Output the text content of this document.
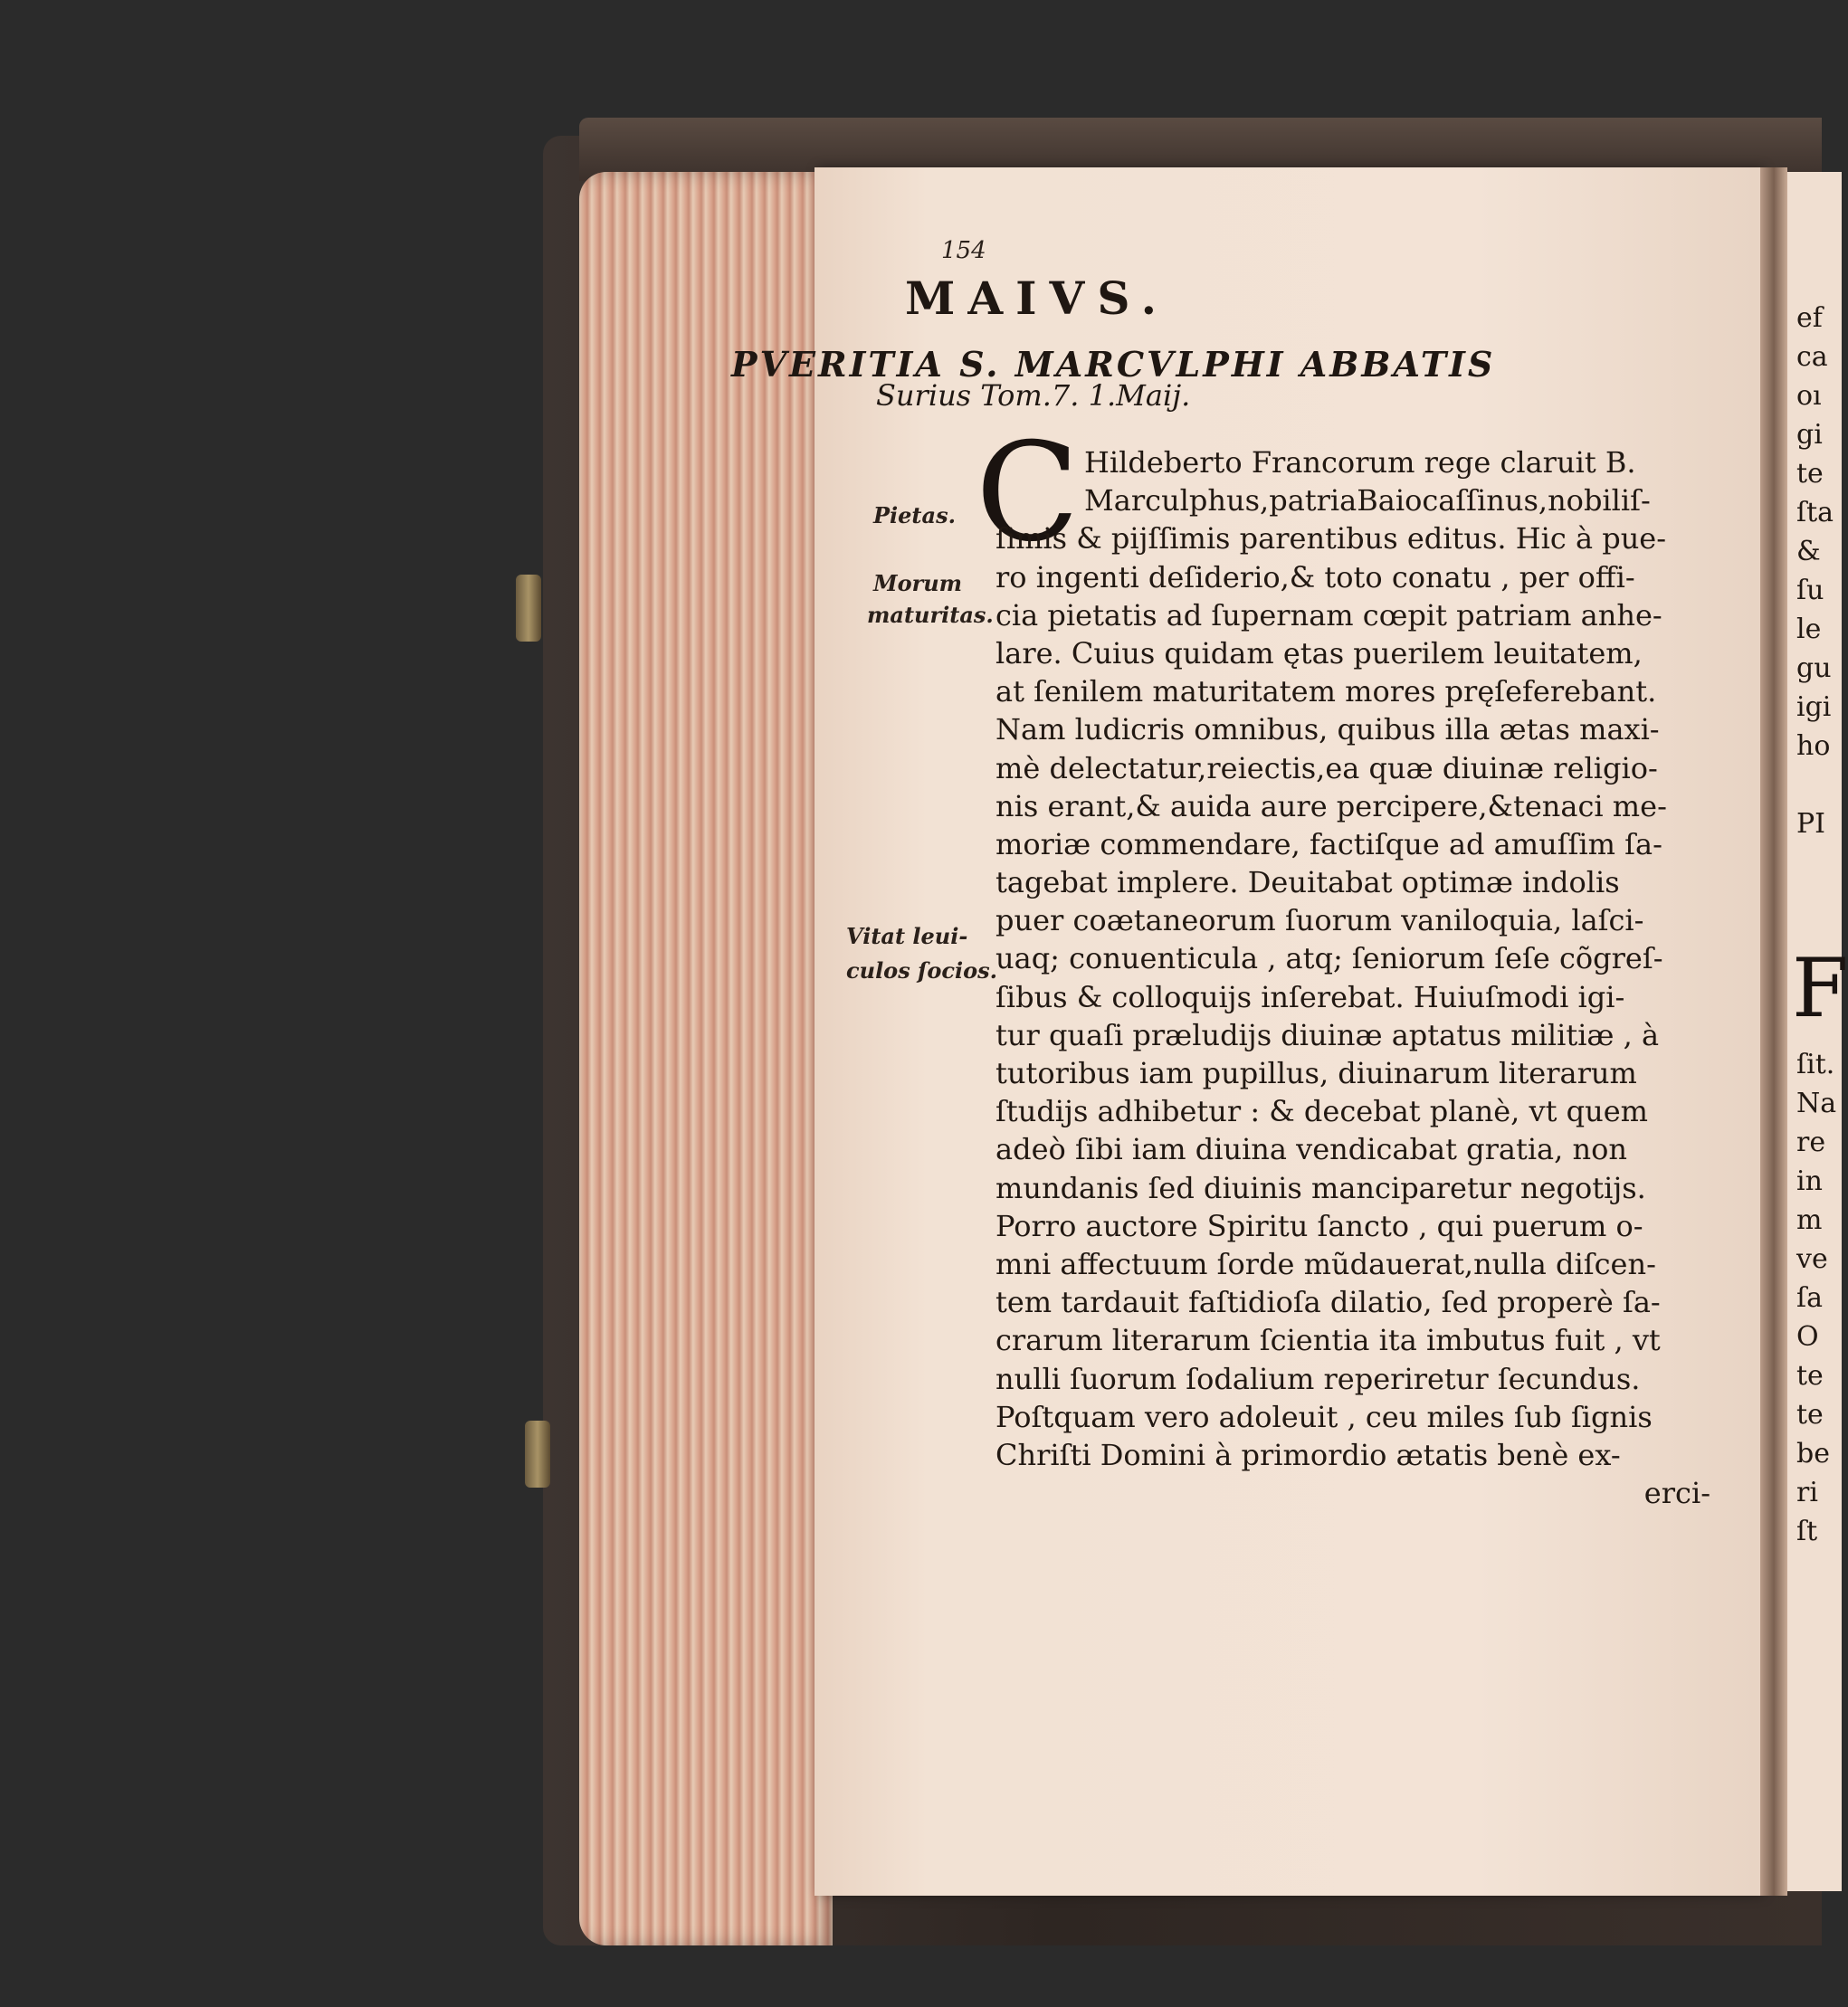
154
MAIVS.
PVERITIA S. MARCVLPHI ABBATIS
Surius Tom.7. 1.Maij.
C Hildeberto Francorum rege claruit B.
Marculphus,patriaBaiocaſſinus,nobiliſ-
ſimis & pijſſimis parentibus editus. Hic à pue-
ro ingenti deſiderio,& toto conatu , per offi-
cia pietatis ad ſupernam cœpit patriam anhe-
lare. Cuius quidam ętas puerilem leuitatem,
at ſenilem maturitatem mores pręſeferebant.
Nam ludicris omnibus, quibus illa ætas maxi-
mè delectatur,reiectis,ea quæ diuinæ religio-
nis erant,& auida aure percipere,&tenaci me-
moriæ commendare, factiſque ad amuſſim ſa-
tagebat implere. Deuitabat optimæ indolis
puer coætaneorum ſuorum vaniloquia, laſci-
uaq; conuenticula , atq; ſeniorum ſeſe cõgreſ-
ſibus & colloquijs inſerebat. Huiuſmodi igi-
tur quaſi præludijs diuinæ aptatus militiæ , à
tutoribus iam pupillus, diuinarum literarum
ſtudijs adhibetur : & decebat planè, vt quem
adeò ſibi iam diuina vendicabat gratia, non
mundanis ſed diuinis manciparetur negotijs.
Porro auctore Spiritu ſancto , qui puerum o-
mni affectuum ſorde mũdauerat,nulla diſcen-
tem tardauit faſtidioſa dilatio, ſed properè ſa-
crarum literarum ſcientia ita imbutus fuit , vt
nulli ſuorum ſodalium reperiretur ſecundus.
Poſtquam vero adoleuit , ceu miles ſub ſignis
Chriſti Domini à primordio ætatis benè ex-
erci-
Pietas.
Morum
maturitas.
Vitat leui-
culos ſocios.
ef
ca
oı
gi
te
ſta
&
ſu
le
gu
igi
ho
PI
F
ſit.
Na
re
in
m
ve
ſa
O
te
te
be
ri
ſt
